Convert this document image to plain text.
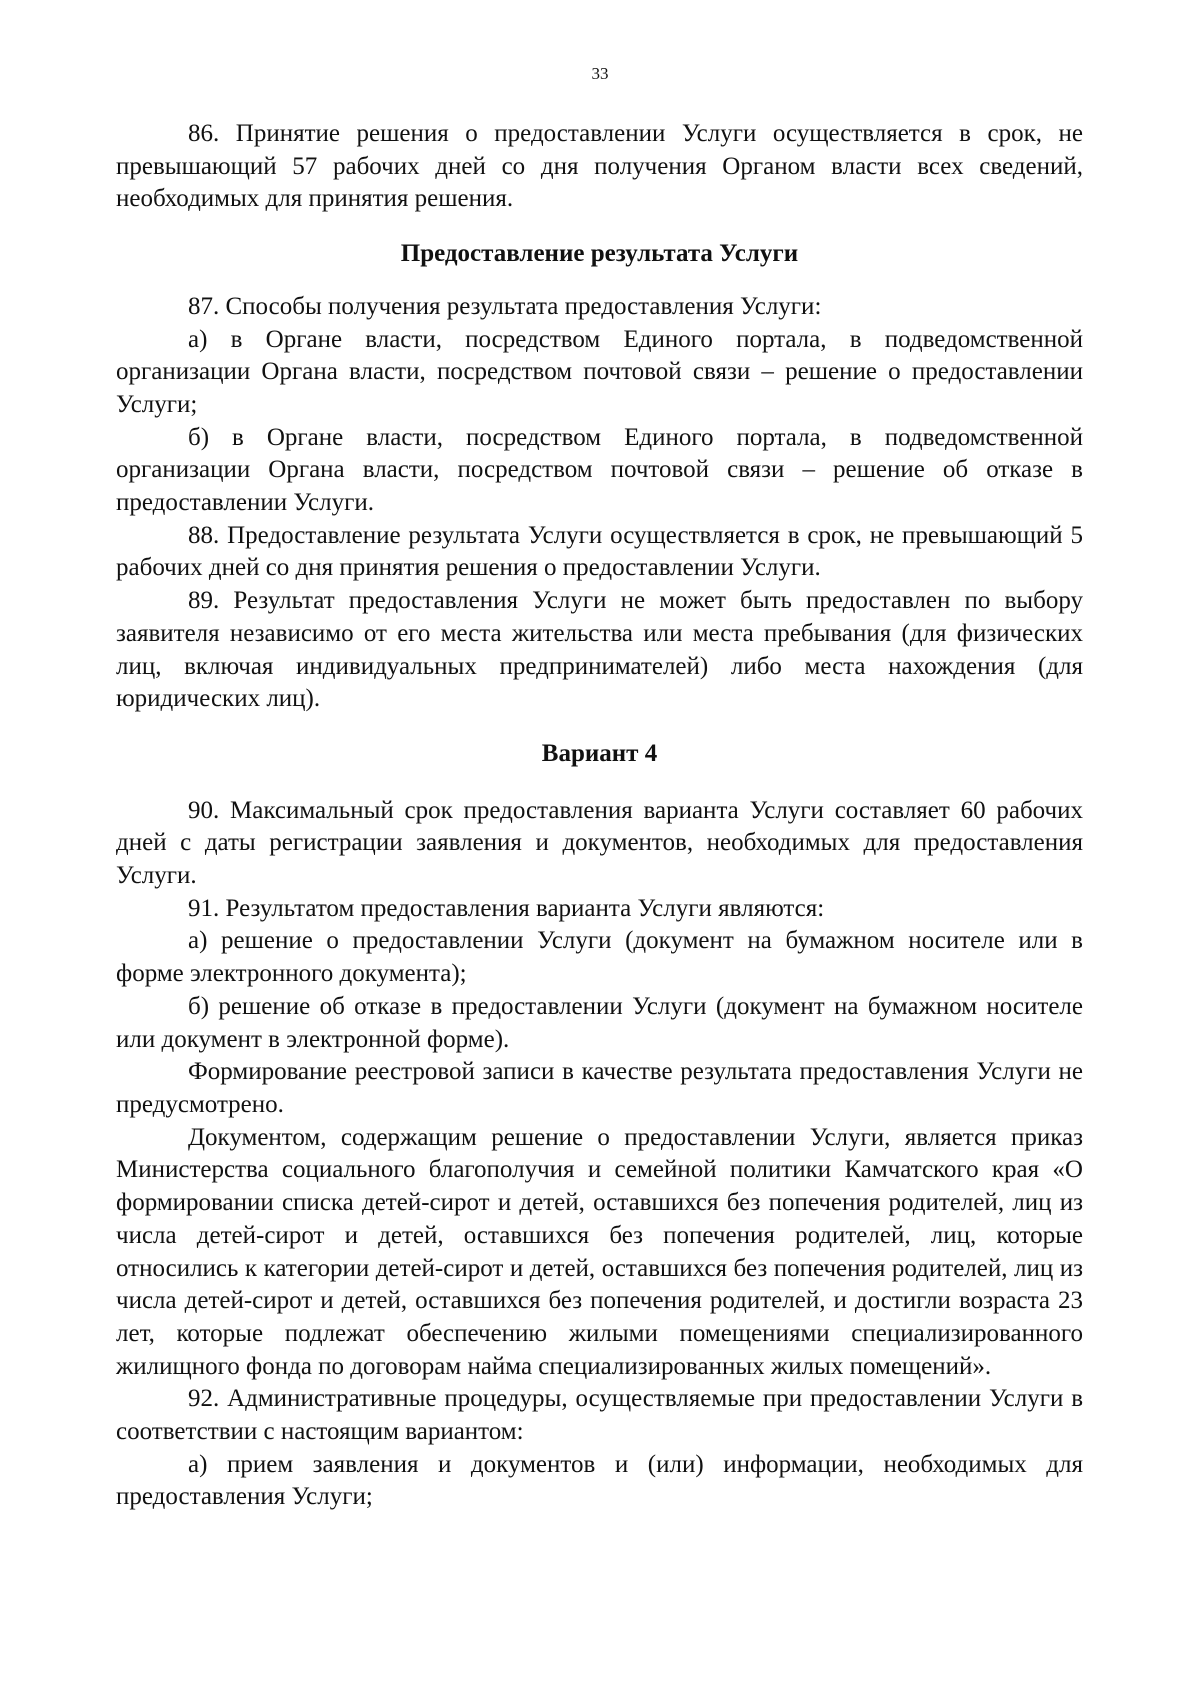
33

86. Принятие решения о предоставлении Услуги осуществляется в срок, не превышающий 57 рабочих дней со дня получения Органом власти всех сведений, необходимых для принятия решения.

Предоставление результата Услуги

87. Способы получения результата предоставления Услуги:

а) в Органе власти, посредством Единого портала, в подведомственной организации Органа власти, посредством почтовой связи – решение о предоставлении Услуги;

б) в Органе власти, посредством Единого портала, в подведомственной организации Органа власти, посредством почтовой связи – решение об отказе в предоставлении Услуги.

88. Предоставление результата Услуги осуществляется в срок, не превышающий 5 рабочих дней со дня принятия решения о предоставлении Услуги.

89. Результат предоставления Услуги не может быть предоставлен по выбору заявителя независимо от его места жительства или места пребывания (для физических лиц, включая индивидуальных предпринимателей) либо места нахождения (для юридических лиц).

Вариант 4

90. Максимальный срок предоставления варианта Услуги составляет 60 рабочих дней с даты регистрации заявления и документов, необходимых для предоставления Услуги.

91. Результатом предоставления варианта Услуги являются:

а) решение о предоставлении Услуги (документ на бумажном носителе или в форме электронного документа);

б) решение об отказе в предоставлении Услуги (документ на бумажном носителе или документ в электронной форме).

Формирование реестровой записи в качестве результата предоставления Услуги не предусмотрено.

Документом, содержащим решение о предоставлении Услуги, является приказ Министерства социального благополучия и семейной политики Камчатского края «О формировании списка детей-сирот и детей, оставшихся без попечения родителей, лиц из числа детей-сирот и детей, оставшихся без попечения родителей, лиц, которые относились к категории детей-сирот и детей, оставшихся без попечения родителей, лиц из числа детей-сирот и детей, оставшихся без попечения родителей, и достигли возраста 23 лет, которые подлежат обеспечению жилыми помещениями специализированного жилищного фонда по договорам найма специализированных жилых помещений».

92. Административные процедуры, осуществляемые при предоставлении Услуги в соответствии с настоящим вариантом:

а) прием заявления и документов и (или) информации, необходимых для предоставления Услуги;
